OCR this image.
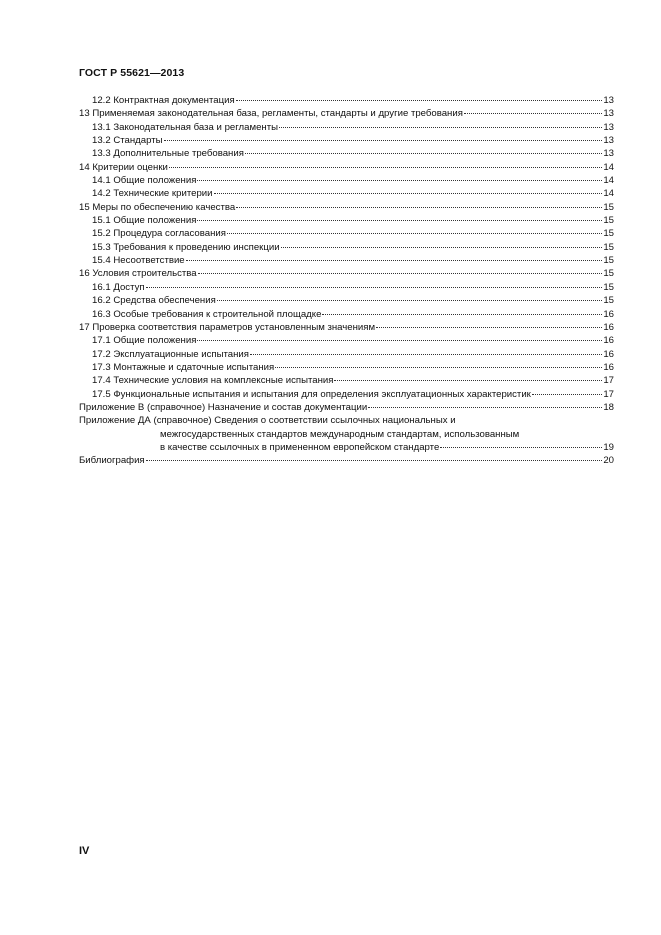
ГОСТ Р 55621—2013
12.2 Контрактная документация	13
13 Применяемая законодательная база, регламенты, стандарты и другие требования	13
13.1 Законодательная база и регламенты	13
13.2 Стандарты	13
13.3 Дополнительные требования	13
14 Критерии оценки	14
14.1 Общие положения	14
14.2 Технические критерии	14
15 Меры по обеспечению качества	15
15.1 Общие положения	15
15.2 Процедура согласования	15
15.3 Требования к проведению инспекции	15
15.4 Несоответствие	15
16 Условия строительства	15
16.1 Доступ	15
16.2 Средства обеспечения	15
16.3 Особые требования к строительной площадке	16
17 Проверка соответствия параметров установленным значениям	16
17.1 Общие положения	16
17.2 Эксплуатационные испытания	16
17.3 Монтажные и сдаточные испытания	16
17.4 Технические условия на комплексные испытания	17
17.5 Функциональные испытания и испытания для определения эксплуатационных характеристик	17
Приложение В (справочное) Назначение и состав документации	18
Приложение ДА (справочное) Сведения о соответствии ссылочных национальных и
межгосударственных стандартов международным стандартам, использованным
в качестве ссылочных в примененном европейском стандарте	19
Библиография	20
IV
